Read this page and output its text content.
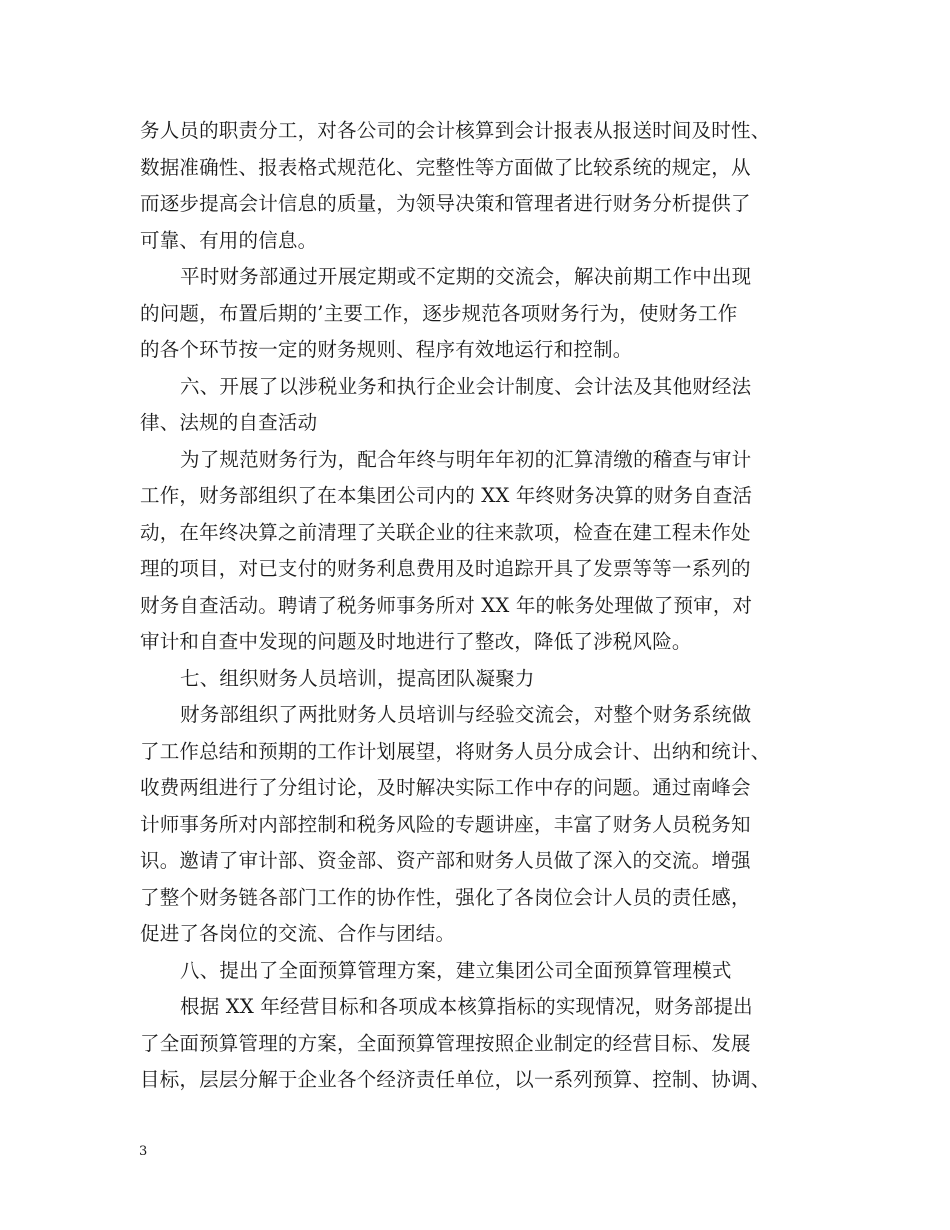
务人员的职责分工，对各公司的会计核算到会计报表从报送时间及时性、
数据准确性、报表格式规范化、完整性等方面做了比较系统的规定，从
而逐步提高会计信息的质量，为领导决策和管理者进行财务分析提供了
可靠、有用的信息。
平时财务部通过开展定期或不定期的交流会，解决前期工作中出现
的问题，布置后期的’主要工作，逐步规范各项财务行为，使财务工作
的各个环节按一定的财务规则、程序有效地运行和控制。
六、开展了以涉税业务和执行企业会计制度、会计法及其他财经法
律、法规的自查活动
为了规范财务行为，配合年终与明年年初的汇算清缴的稽查与审计
工作，财务部组织了在本集团公司内的 XX 年终财务决算的财务自查活
动，在年终决算之前清理了关联企业的往来款项，检查在建工程未作处
理的项目，对已支付的财务利息费用及时追踪开具了发票等等一系列的
财务自查活动。聘请了税务师事务所对 XX 年的帐务处理做了预审，对
审计和自查中发现的问题及时地进行了整改，降低了涉税风险。
七、组织财务人员培训，提高团队凝聚力
财务部组织了两批财务人员培训与经验交流会，对整个财务系统做
了工作总结和预期的工作计划展望，将财务人员分成会计、出纳和统计、
收费两组进行了分组讨论，及时解决实际工作中存的问题。通过南峰会
计师事务所对内部控制和税务风险的专题讲座，丰富了财务人员税务知
识。邀请了审计部、资金部、资产部和财务人员做了深入的交流。增强
了整个财务链各部门工作的协作性，强化了各岗位会计人员的责任感，
促进了各岗位的交流、合作与团结。
八、提出了全面预算管理方案，建立集团公司全面预算管理模式
根据 XX 年经营目标和各项成本核算指标的实现情况，财务部提出
了全面预算管理的方案，全面预算管理按照企业制定的经营目标、发展
目标，层层分解于企业各个经济责任单位，以一系列预算、控制、协调、
3
